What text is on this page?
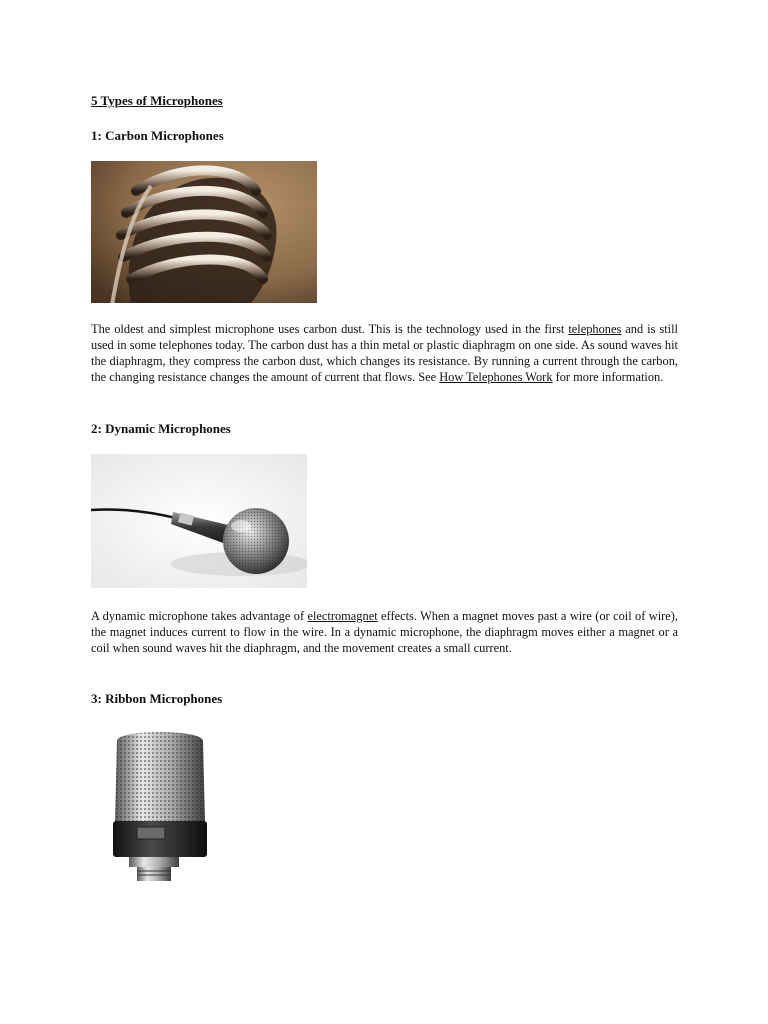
5 Types of Microphones
1: Carbon Microphones

The oldest and simplest microphone uses carbon dust. This is the technology used in the first telephones and is still used in some telephones today. The carbon dust has a thin metal or plastic diaphragm on one side. As sound waves hit the diaphragm, they compress the carbon dust, which changes its resistance. By running a current through the carbon, the changing resistance changes the amount of current that flows. See How Telephones Work for more information.

2: Dynamic Microphones

A dynamic microphone takes advantage of electromagnet effects. When a magnet moves past a wire (or coil of wire), the magnet induces current to flow in the wire. In a dynamic microphone, the diaphragm moves either a magnet or a coil when sound waves hit the diaphragm, and the movement creates a small current.

3: Ribbon Microphones
